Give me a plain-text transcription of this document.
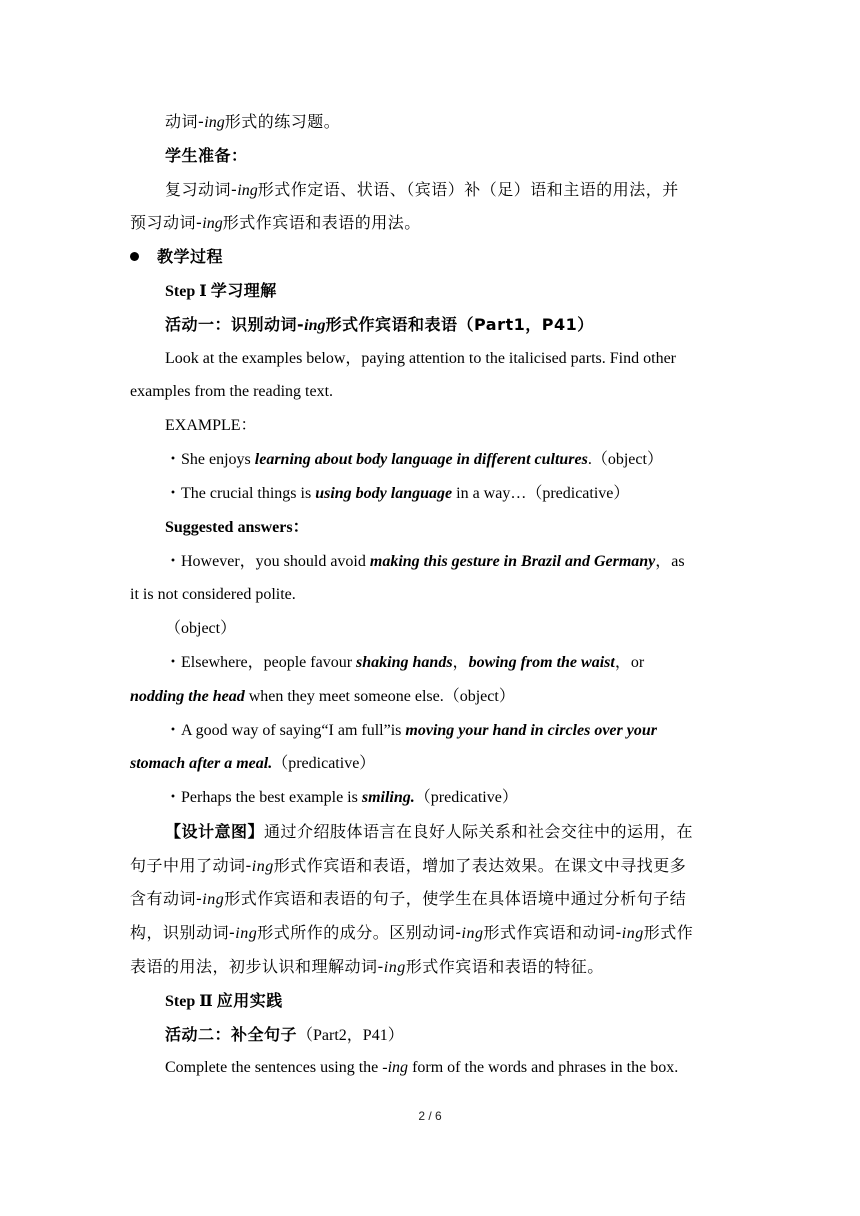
动词-ing形式的练习题。
学生准备：
复习动词-ing形式作定语、状语、（宾语）补（足）语和主语的用法，并
预习动词-ing形式作宾语和表语的用法。
教学过程
Step Ⅰ 学习理解
活动一：识别动词-ing形式作宾语和表语（Part1，P41）
Look at the examples below，paying attention to the italicised parts. Find other
examples from the reading text.
EXAMPLE：
・She enjoys learning about body language in different cultures.（object）
・The crucial things is using body language in a way…（predicative）
Suggested answers：
・However，you should avoid making this gesture in Brazil and Germany，as
it is not considered polite.
（object）
・Elsewhere，people favour shaking hands，bowing from the waist，or
nodding the head when they meet someone else.（object）
・A good way of saying“I am full”is moving your hand in circles over your
stomach after a meal.（predicative）
・Perhaps the best example is smiling.（predicative）
【设计意图】通过介绍肢体语言在良好人际关系和社会交往中的运用，在
句子中用了动词-ing形式作宾语和表语，增加了表达效果。在课文中寻找更多
含有动词-ing形式作宾语和表语的句子，使学生在具体语境中通过分析句子结
构，识别动词-ing形式所作的成分。区别动词-ing形式作宾语和动词-ing形式作
表语的用法，初步认识和理解动词-ing形式作宾语和表语的特征。
Step Ⅱ 应用实践
活动二：补全句子（Part2，P41）
Complete the sentences using the -ing form of the words and phrases in the box.
2 / 6
